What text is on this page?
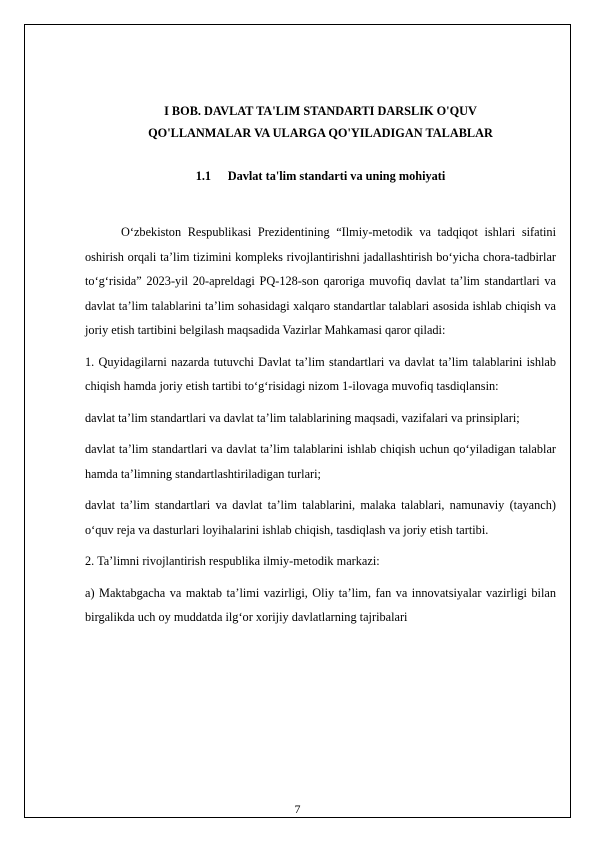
I BOB. DAVLAT TA'LIM STANDARTI DARSLIK O'QUV
QO'LLANMALAR VA ULARGA QO'YILADIGAN TALABLAR
1.1	Davlat ta'lim standarti va uning mohiyati

O‘zbekiston Respublikasi Prezidentining “Ilmiy-metodik va tadqiqot ishlari sifatini oshirish orqali ta’lim tizimini kompleks rivojlantirishni jadallashtirish bo‘yicha chora-tadbirlar to‘g‘risida” 2023-yil 20-apreldagi PQ-128-son qaroriga muvofiq davlat ta’lim standartlari va davlat ta’lim talablarini ta’lim sohasidagi xalqaro standartlar talablari asosida ishlab chiqish va joriy etish tartibini belgilash maqsadida Vazirlar Mahkamasi qaror qiladi:

1. Quyidagilarni nazarda tutuvchi Davlat ta’lim standartlari va davlat ta’lim talablarini ishlab chiqish hamda joriy etish tartibi to‘g‘risidagi nizom 1-ilovaga muvofiq tasdiqlansin:

davlat ta’lim standartlari va davlat ta’lim talablarining maqsadi, vazifalari va prinsiplari;

davlat ta’lim standartlari va davlat ta’lim talablarini ishlab chiqish uchun qo‘yiladigan talablar hamda ta’limning standartlashtiriladigan turlari;

davlat ta’lim standartlari va davlat ta’lim talablarini, malaka talablari, namunaviy (tayanch) o‘quv reja va dasturlari loyihalarini ishlab chiqish, tasdiqlash va joriy etish tartibi.

2. Ta’limni rivojlantirish respublika ilmiy-metodik markazi:

a) Maktabgacha va maktab ta’limi vazirligi, Oliy ta’lim, fan va innovatsiyalar vazirligi bilan birgalikda uch oy muddatda ilg‘or xorijiy davlatlarning tajribalari

7
